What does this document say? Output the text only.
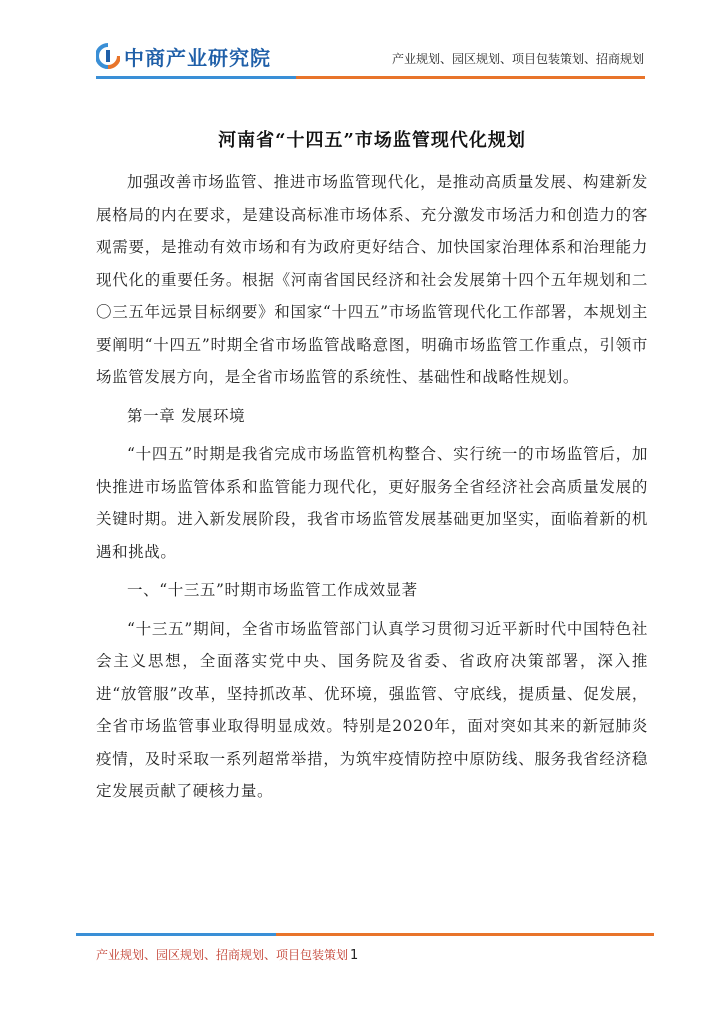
中商产业研究院	产业规划、园区规划、项目包装策划、招商规划
河南省“十四五”市场监管现代化规划

加强改善市场监管、推进市场监管现代化，是推动高质量发展、构建新发展格局的内在要求，是建设高标准市场体系、充分激发市场活力和创造力的客观需要，是推动有效市场和有为政府更好结合、加快国家治理体系和治理能力现代化的重要任务。根据《河南省国民经济和社会发展第十四个五年规划和二〇三五年远景目标纲要》和国家“十四五”市场监管现代化工作部署，本规划主要阐明“十四五”时期全省市场监管战略意图，明确市场监管工作重点，引领市场监管发展方向，是全省市场监管的系统性、基础性和战略性规划。

第一章 发展环境

“十四五”时期是我省完成市场监管机构整合、实行统一的市场监管后，加快推进市场监管体系和监管能力现代化，更好服务全省经济社会高质量发展的关键时期。进入新发展阶段，我省市场监管发展基础更加坚实，面临着新的机遇和挑战。

一、“十三五”时期市场监管工作成效显著

“十三五”期间，全省市场监管部门认真学习贯彻习近平新时代中国特色社会主义思想，全面落实党中央、国务院及省委、省政府决策部署，深入推进“放管服”改革，坚持抓改革、优环境，强监管、守底线，提质量、促发展，全省市场监管事业取得明显成效。特别是2020年，面对突如其来的新冠肺炎疫情，及时采取一系列超常举措，为筑牢疫情防控中原防线、服务我省经济稳定发展贡献了硬核力量。

产业规划、园区规划、招商规划、项目包装策划 1
